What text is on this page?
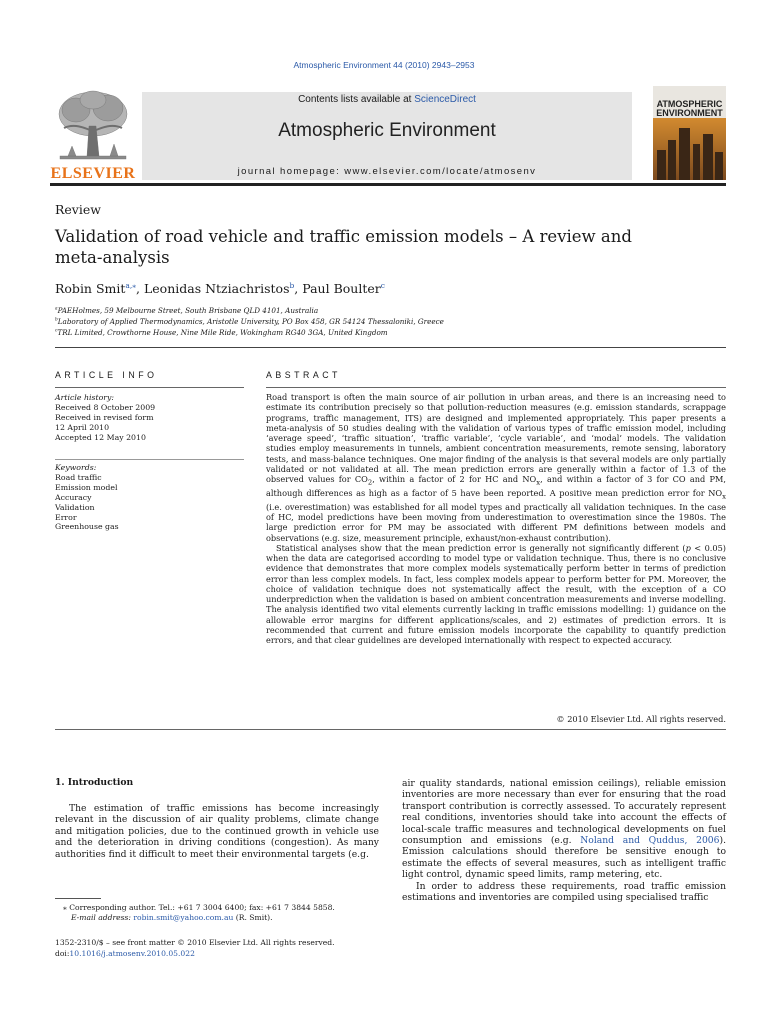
Atmospheric Environment 44 (2010) 2943–2953
ELSEVIER
Contents lists available at ScienceDirect
Atmospheric Environment
journal homepage: www.elsevier.com/locate/atmosenv
ATMOSPHERIC
ENVIRONMENT
Review
Validation of road vehicle and traffic emission models – A review and meta-analysis
Robin Smit$^{a,⁎}$, Leonidas Ntziachristos$^b$, Paul Boulter$^c$
$^a$PAEHolmes, 59 Melbourne Street, South Brisbane QLD 4101, Australia
$^b$Laboratory of Applied Thermodynamics, Aristotle University, PO Box 458, GR 54124 Thessaloniki, Greece
$^c$TRL Limited, Crowthorne House, Nine Mile Ride, Wokingham RG40 3GA, United Kingdom
ARTICLE INFO
Article history:
Received 8 October 2009
Received in revised form
12 April 2010
Accepted 12 May 2010
Keywords:
Road traffic
Emission model
Accuracy
Validation
Error
Greenhouse gas
ABSTRACT

Road transport is often the main source of air pollution in urban areas, and there is an increasing need to estimate its contribution precisely so that pollution-reduction measures (e.g. emission standards, scrappage programs, traffic management, ITS) are designed and implemented appropriately. This paper presents a meta-analysis of 50 studies dealing with the validation of various types of traffic emission model, including ‘average speed’, ‘traffic situation’, ‘traffic variable’, ‘cycle variable’, and ‘modal’ models. The validation studies employ measurements in tunnels, ambient concentration measurements, remote sensing, laboratory tests, and mass-balance techniques. One major finding of the analysis is that several models are only partially validated or not validated at all. The mean prediction errors are generally within a factor of 1.3 of the observed values for $CO_2$, within a factor of 2 for HC and $NO_x$, and within a factor of 3 for CO and PM, although differences as high as a factor of 5 have been reported. A positive mean prediction error for $NO_x$ (i.e. overestimation) was established for all model types and practically all validation techniques. In the case of HC, model predictions have been moving from underestimation to overestimation since the 1980s. The large prediction error for PM may be associated with different PM definitions between models and observations (e.g. size, measurement principle, exhaust/non-exhaust contribution).

Statistical analyses show that the mean prediction error is generally not significantly different (p < 0.05) when the data are categorised according to model type or validation technique. Thus, there is no conclusive evidence that demonstrates that more complex models systematically perform better in terms of prediction error than less complex models. In fact, less complex models appear to perform better for PM. Moreover, the choice of validation technique does not systematically affect the result, with the exception of a CO underprediction when the validation is based on ambient concentration measurements and inverse modelling. The analysis identified two vital elements currently lacking in traffic emissions modelling: 1) guidance on the allowable error margins for different applications/scales, and 2) estimates of prediction errors. It is recommended that current and future emission models incorporate the capability to quantify prediction errors, and that clear guidelines are developed internationally with respect to expected accuracy.

© 2010 Elsevier Ltd. All rights reserved.
1. Introduction

The estimation of traffic emissions has become increasingly relevant in the discussion of air quality problems, climate change and mitigation policies, due to the continued growth in vehicle use and the deterioration in driving conditions (congestion). As many authorities find it difficult to meet their environmental targets (e.g.

air quality standards, national emission ceilings), reliable emission inventories are more necessary than ever for ensuring that the road transport contribution is correctly assessed. To accurately represent real conditions, inventories should take into account the effects of local-scale traffic measures and technological developments on fuel consumption and emissions (e.g. Noland and Quddus, 2006). Emission calculations should therefore be sensitive enough to estimate the effects of several measures, such as intelligent traffic light control, dynamic speed limits, ramp metering, etc.

In order to address these requirements, road traffic emission estimations and inventories are compiled using specialised traffic

⁎ Corresponding author. Tel.: +61 7 3004 6400; fax: +61 7 3844 5858.
E-mail address: robin.smit@yahoo.com.au (R. Smit).
1352-2310/$ – see front matter © 2010 Elsevier Ltd. All rights reserved.
doi:10.1016/j.atmosenv.2010.05.022
